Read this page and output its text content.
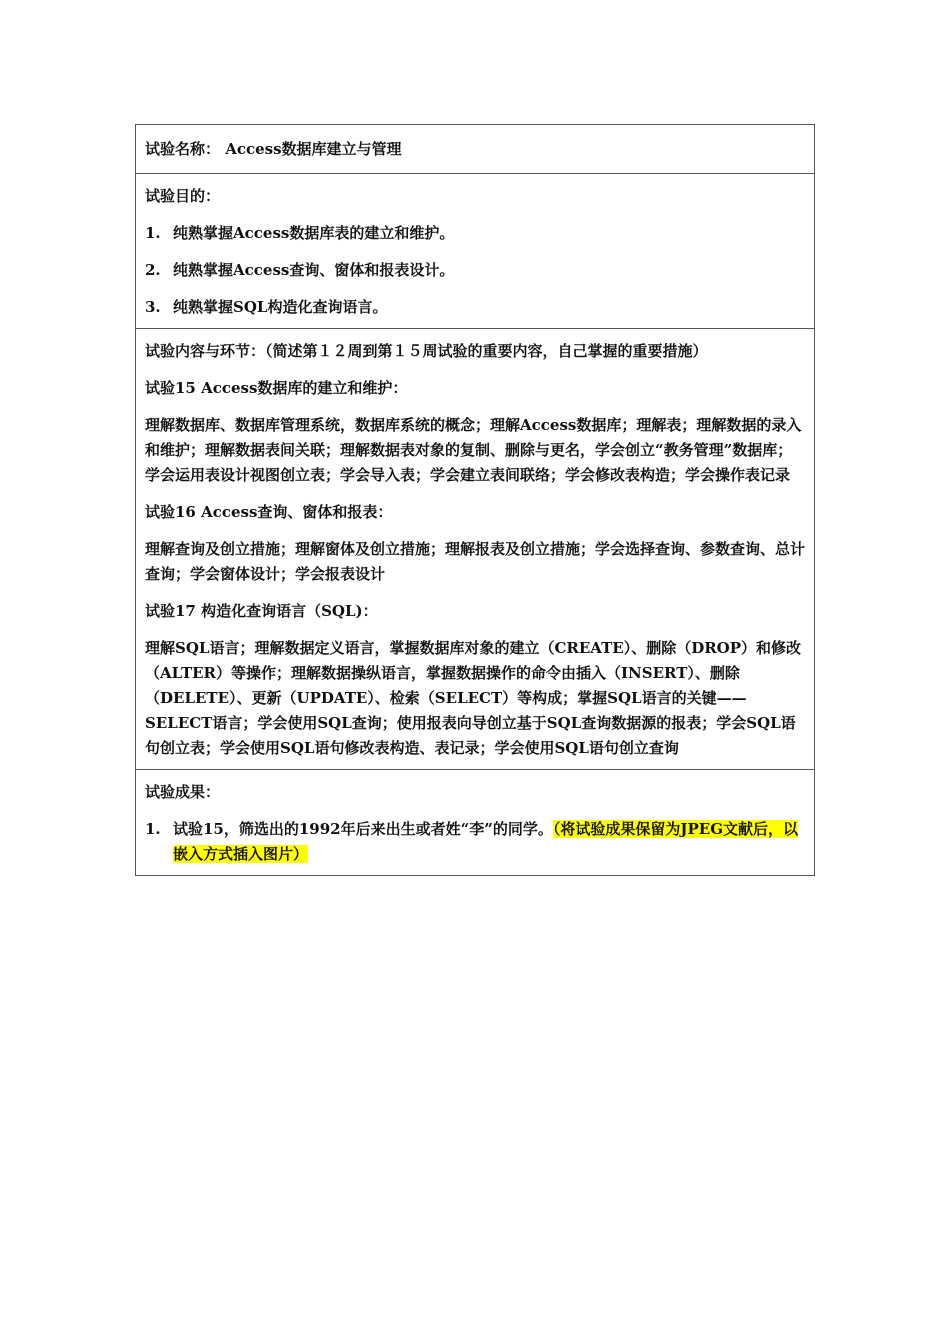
试验名称： Access数据库建立与管理
试验目的：
1. 纯熟掌握Access数据库表的建立和维护。
2. 纯熟掌握Access查询、窗体和报表设计。
3. 纯熟掌握SQL构造化查询语言。
试验内容与环节：（简述第１２周到第１５周试验的重要内容，自己掌握的重要措施）
试验15 Access数据库的建立和维护：
理解数据库、数据库管理系统，数据库系统的概念；理解Access数据库；理解表；理解数据的录入和维护；理解数据表间关联；理解数据表对象的复制、删除与更名，学会创立“教务管理”数据库；学会运用表设计视图创立表；学会导入表；学会建立表间联络；学会修改表构造；学会操作表记录
试验16 Access查询、窗体和报表：
理解查询及创立措施；理解窗体及创立措施；理解报表及创立措施；学会选择查询、参数查询、总计查询；学会窗体设计；学会报表设计
试验17 构造化查询语言（SQL)：
理解SQL语言；理解数据定义语言，掌握数据库对象的建立（CREATE）、删除（DROP）和修改（ALTER）等操作；理解数据操纵语言，掌握数据操作的命令由插入（INSERT）、删除（DELETE）、更新（UPDATE）、检索（SELECT）等构成；掌握SQL语言的关键——SELECT语言；学会使用SQL查询；使用报表向导创立基于SQL查询数据源的报表；学会SQL语句创立表；学会使用SQL语句修改表构造、表记录；学会使用SQL语句创立查询
试验成果：
1. 试验15，筛选出的1992年后来出生或者姓“李”的同学。（将试验成果保留为JPEG文献后，以嵌入方式插入图片）
